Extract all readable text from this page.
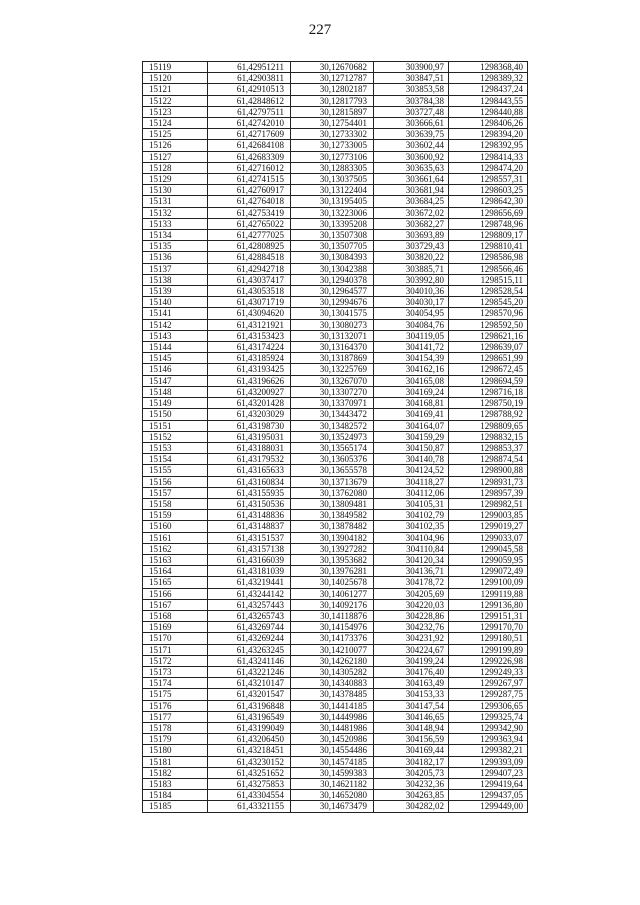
227
15119	61,42951211	30,12670682	303900,97	1298368,40
15120	61,42903811	30,12712787	303847,51	1298389,32
15121	61,42910513	30,12802187	303853,58	1298437,24
15122	61,42848612	30,12817793	303784,38	1298443,55
15123	61,42797511	30,12815897	303727,48	1298440,88
15124	61,42742010	30,12754401	303666,61	1298406,26
15125	61,42717609	30,12733302	303639,75	1298394,20
15126	61,42684108	30,12733005	303602,44	1298392,95
15127	61,42683309	30,12773106	303600,92	1298414,33
15128	61,42716012	30,12883305	303635,63	1298474,20
15129	61,42741515	30,13037505	303661,64	1298557,31
15130	61,42760917	30,13122404	303681,94	1298603,25
15131	61,42764018	30,13195405	303684,25	1298642,30
15132	61,42753419	30,13223006	303672,02	1298656,69
15133	61,42765022	30,13395208	303682,27	1298748,96
15134	61,42777025	30,13507308	303693,89	1298809,17
15135	61,42808925	30,13507705	303729,43	1298810,41
15136	61,42884518	30,13084393	303820,22	1298586,98
15137	61,42942718	30,13042388	303885,71	1298566,46
15138	61,43037417	30,12940378	303992,80	1298515,11
15139	61,43053518	30,12964577	304010,36	1298528,54
15140	61,43071719	30,12994676	304030,17	1298545,20
15141	61,43094620	30,13041575	304054,95	1298570,96
15142	61,43121921	30,13080273	304084,76	1298592,50
15143	61,43153423	30,13132071	304119,05	1298621,16
15144	61,43174224	30,13164370	304141,72	1298639,07
15145	61,43185924	30,13187869	304154,39	1298651,99
15146	61,43193425	30,13225769	304162,16	1298672,45
15147	61,43196626	30,13267070	304165,08	1298694,59
15148	61,43200927	30,13307270	304169,24	1298716,18
15149	61,43201428	30,13370971	304168,81	1298750,19
15150	61,43203029	30,13443472	304169,41	1298788,92
15151	61,43198730	30,13482572	304164,07	1298809,65
15152	61,43195031	30,13524973	304159,29	1298832,15
15153	61,43188031	30,13565174	304150,87	1298853,37
15154	61,43179532	30,13605376	304140,78	1298874,54
15155	61,43165633	30,13655578	304124,52	1298900,88
15156	61,43160834	30,13713679	304118,27	1298931,73
15157	61,43155935	30,13762080	304112,06	1298957,39
15158	61,43150536	30,13809481	304105,31	1298982,51
15159	61,43148836	30,13849582	304102,79	1299003,85
15160	61,43148837	30,13878482	304102,35	1299019,27
15161	61,43151537	30,13904182	304104,96	1299033,07
15162	61,43157138	30,13927282	304110,84	1299045,58
15163	61,43166039	30,13953682	304120,34	1299059,95
15164	61,43181039	30,13976281	304136,71	1299072,49
15165	61,43219441	30,14025678	304178,72	1299100,09
15166	61,43244142	30,14061277	304205,69	1299119,88
15167	61,43257443	30,14092176	304220,03	1299136,80
15168	61,43265743	30,14118876	304228,86	1299151,31
15169	61,43269744	30,14154976	304232,76	1299170,70
15170	61,43269244	30,14173376	304231,92	1299180,51
15171	61,43263245	30,14210077	304224,67	1299199,89
15172	61,43241146	30,14262180	304199,24	1299226,98
15173	61,43221246	30,14305282	304176,40	1299249,33
15174	61,43210147	30,14340883	304163,49	1299267,97
15175	61,43201547	30,14378485	304153,33	1299287,75
15176	61,43196848	30,14414185	304147,54	1299306,65
15177	61,43196549	30,14449986	304146,65	1299325,74
15178	61,43199049	30,14481986	304148,94	1299342,90
15179	61,43206450	30,14520986	304156,59	1299363,94
15180	61,43218451	30,14554486	304169,44	1299382,21
15181	61,43230152	30,14574185	304182,17	1299393,09
15182	61,43251652	30,14599383	304205,73	1299407,23
15183	61,43275853	30,14621182	304232,36	1299419,64
15184	61,43304554	30,14652080	304263,85	1299437,05
15185	61,43321155	30,14673479	304282,02	1299449,00
